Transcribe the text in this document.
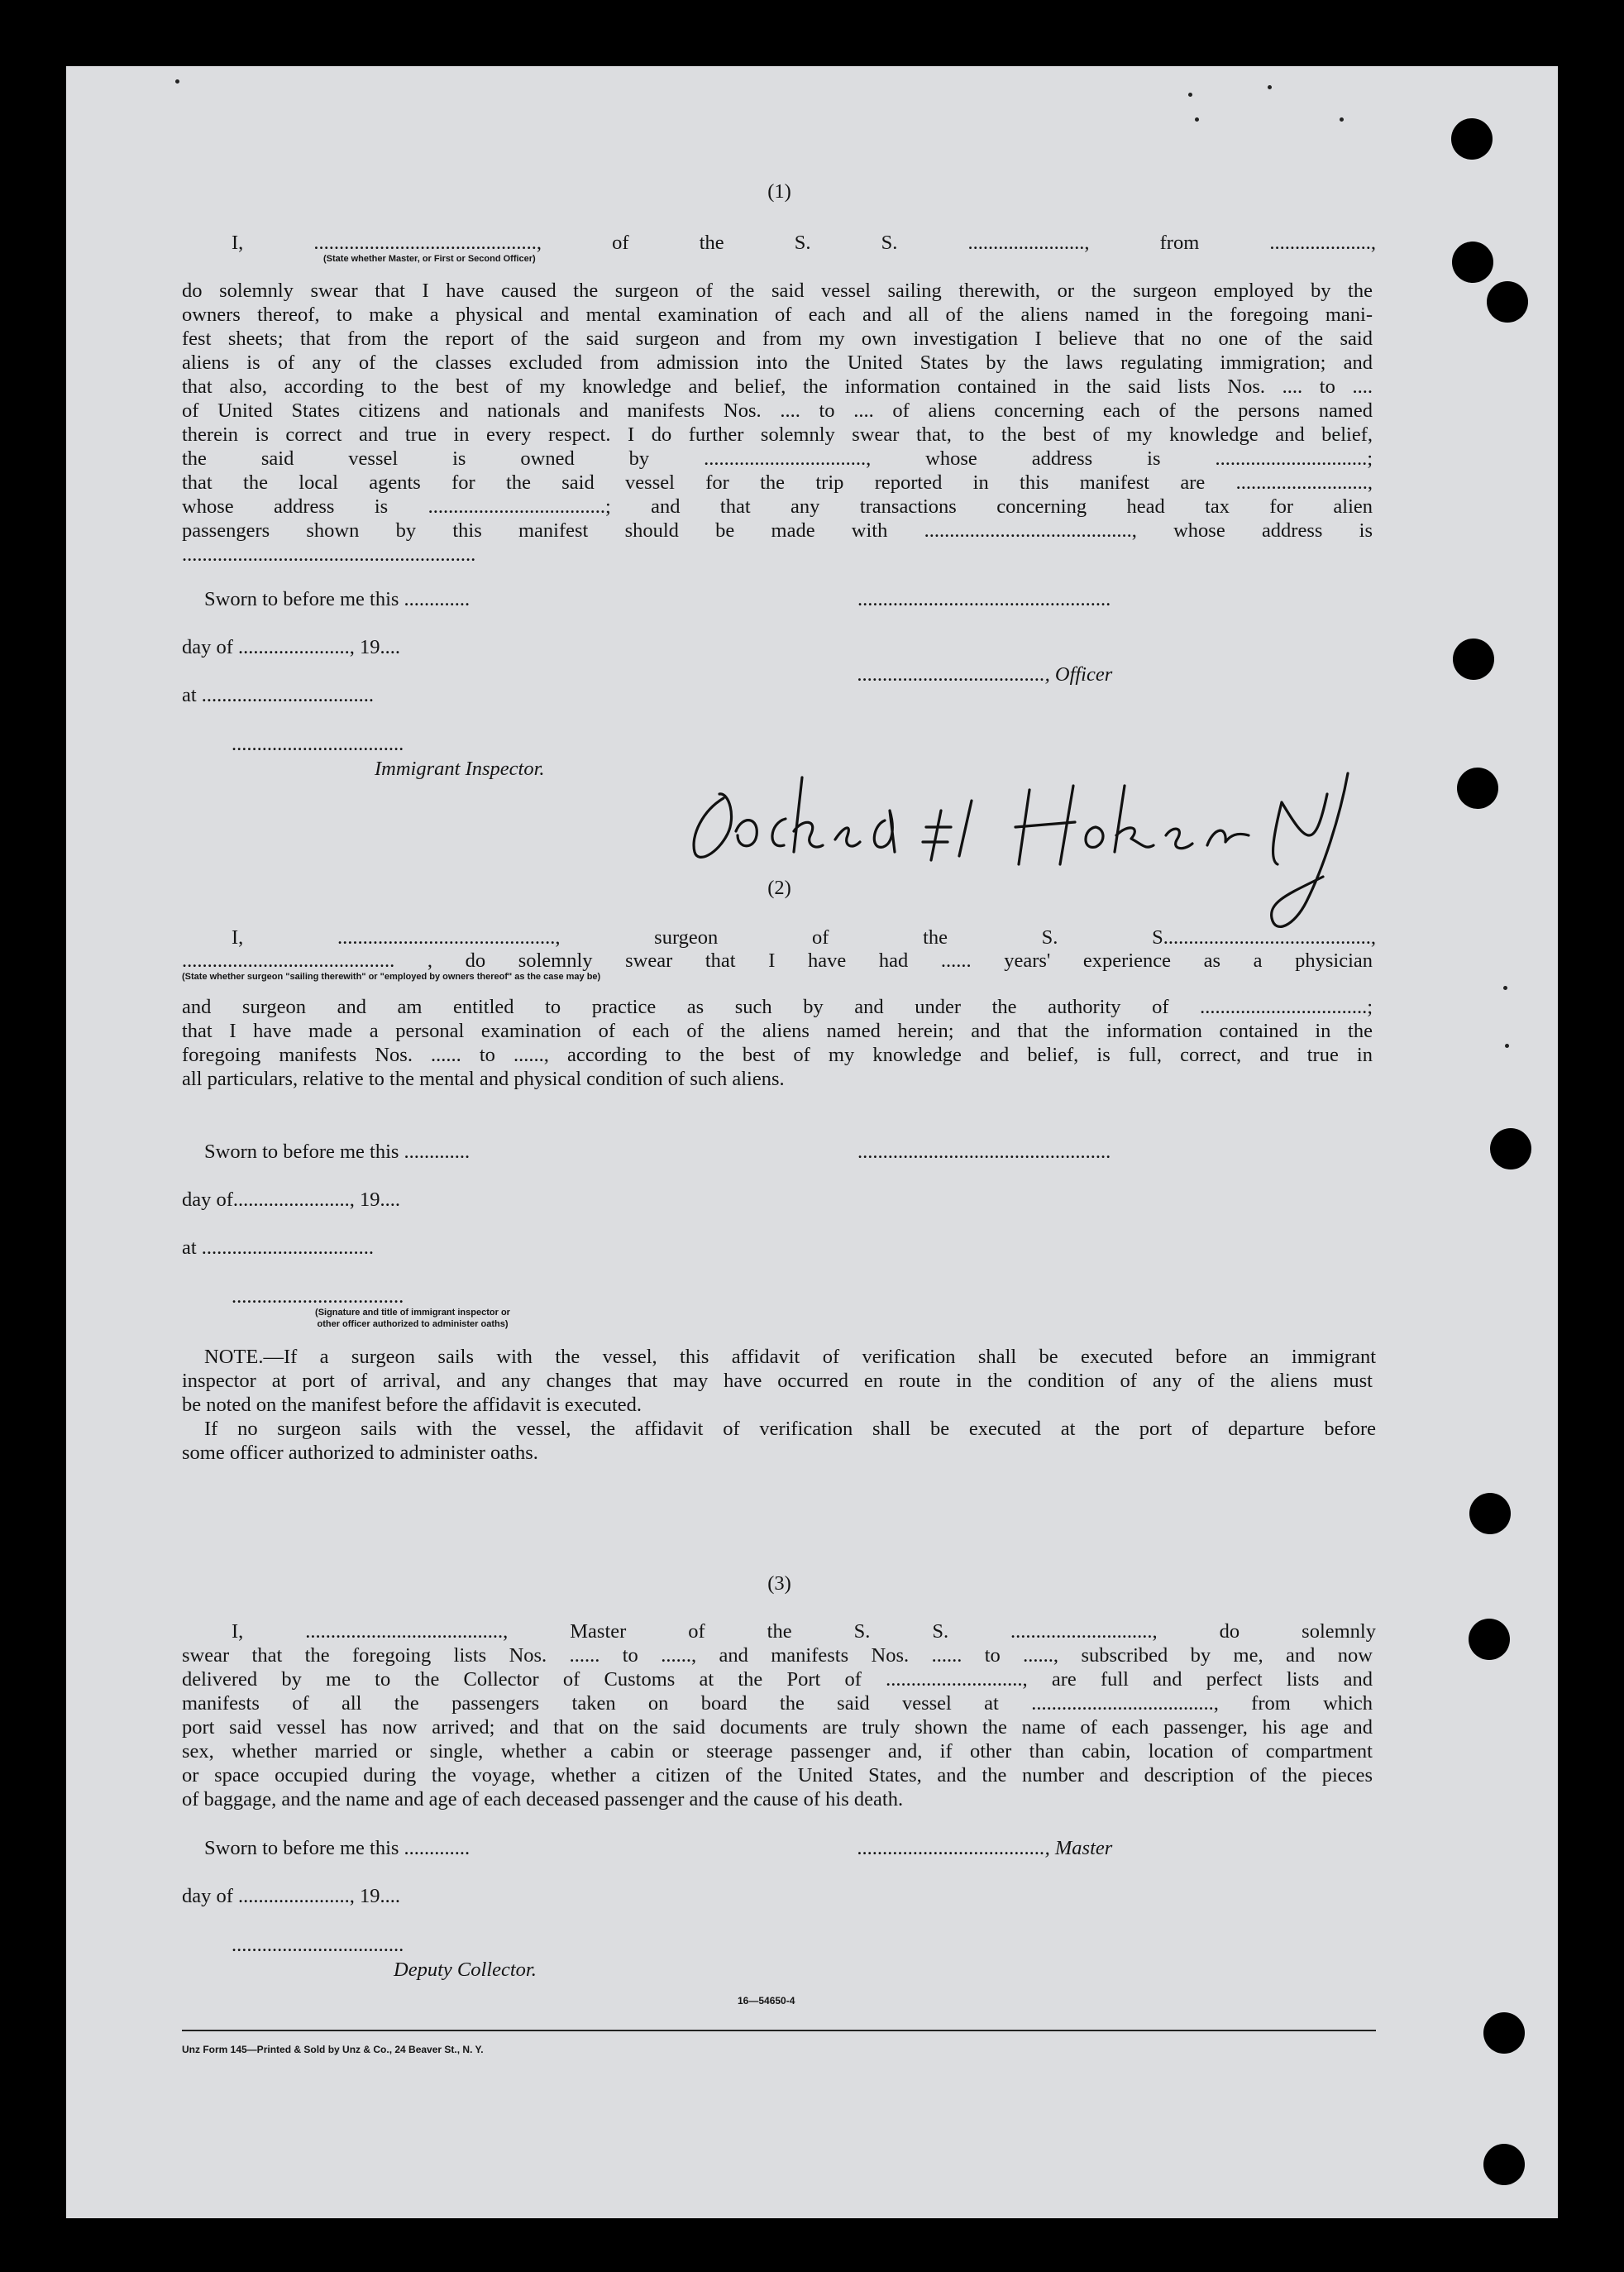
(1)
I, ............................................, of the S. S. ......................., from ....................,
(State whether Master, or First or Second Officer)
do solemnly swear that I have caused the surgeon of the said vessel sailing therewith, or the surgeon employed by the
owners thereof, to make a physical and mental examination of each and all of the aliens named in the foregoing mani-
fest sheets; that from the report of the said surgeon and from my own investigation I believe that no one of the said
aliens is of any of the classes excluded from admission into the United States by the laws regulating immigration; and
that also, according to the best of my knowledge and belief, the information contained in the said lists Nos. .... to ....
of United States citizens and nationals and manifests Nos. .... to .... of aliens concerning each of the persons named
therein is correct and true in every respect. I do further solemnly swear that, to the best of my knowledge and belief,
the said vessel is owned by ................................, whose address is ..............................;
that the local agents for the said vessel for the trip reported in this manifest are ..........................,
whose address is ...................................; and that any transactions concerning head tax for alien
passengers shown by this manifest should be made with ........................................., whose address is
..........................................................
Sworn to before me this .............	..................................................
day of ......................, 19....
....................................., Officer
at ..................................
..................................
Immigrant Inspector.
(2)
I, ..........................................., surgeon of the S. S.........................................,
.......................................... , do solemnly swear that I have had ...... years' experience as a physician
(State whether surgeon "sailing therewith" or "employed by owners thereof" as the case may be)
and surgeon and am entitled to practice as such by and under the authority of .................................;
that I have made a personal examination of each of the aliens named herein; and that the information contained in the
foregoing manifests Nos. ...... to ......, according to the best of my knowledge and belief, is full, correct, and true in
all particulars, relative to the mental and physical condition of such aliens.
Sworn to before me this .............	..................................................
day of......................., 19....
at ..................................
..................................
(Signature and title of immigrant inspector or
other officer authorized to administer oaths)
NOTE.—If a surgeon sails with the vessel, this affidavit of verification shall be executed before an immigrant
inspector at port of arrival, and any changes that may have occurred en route in the condition of any of the aliens must
be noted on the manifest before the affidavit is executed.
If no surgeon sails with the vessel, the affidavit of verification shall be executed at the port of departure before
some officer authorized to administer oaths.
(3)
I, ......................................., Master of the S. S. ............................, do solemnly
swear that the foregoing lists Nos. ...... to ......, and manifests Nos. ...... to ......, subscribed by me, and now
delivered by me to the Collector of Customs at the Port of ..........................., are full and perfect lists and
manifests of all the passengers taken on board the said vessel at ...................................., from which
port said vessel has now arrived; and that on the said documents are truly shown the name of each passenger, his age and
sex, whether married or single, whether a cabin or steerage passenger and, if other than cabin, location of compartment
or space occupied during the voyage, whether a citizen of the United States, and the number and description of the pieces
of baggage, and the name and age of each deceased passenger and the cause of his death.
Sworn to before me this .............	....................................., Master
day of ......................, 19....
..................................
Deputy Collector.
16—54650-4
Unz Form 145—Printed & Sold by Unz & Co., 24 Beaver St., N. Y.
